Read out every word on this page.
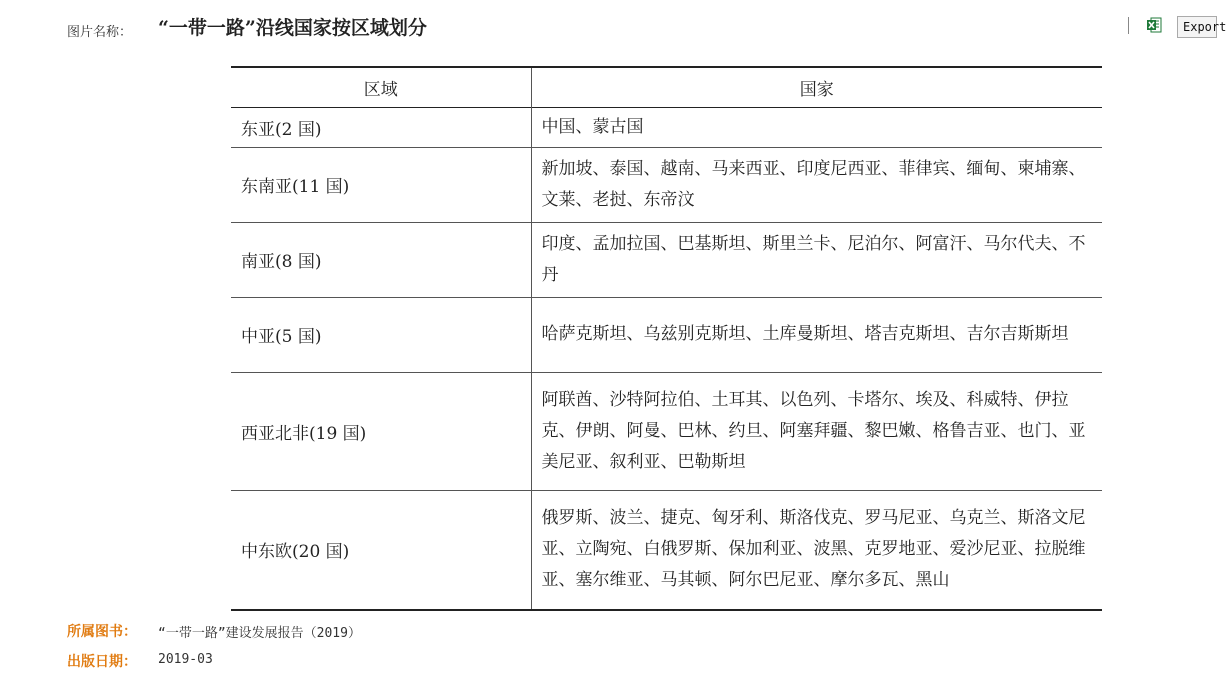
图片名称： “一带一路”沿线国家按区域划分	Export
区域	国家
东亚(2 国)	中国、蒙古国
东南亚(11 国)	新加坡、泰国、越南、马来西亚、印度尼西亚、菲律宾、缅甸、柬埔寨、文莱、老挝、东帝汶
南亚(8 国)	印度、孟加拉国、巴基斯坦、斯里兰卡、尼泊尔、阿富汗、马尔代夫、不丹
中亚(5 国)	哈萨克斯坦、乌兹别克斯坦、土库曼斯坦、塔吉克斯坦、吉尔吉斯斯坦
西亚北非(19 国)	阿联酋、沙特阿拉伯、土耳其、以色列、卡塔尔、埃及、科威特、伊拉克、伊朗、阿曼、巴林、约旦、阿塞拜疆、黎巴嫩、格鲁吉亚、也门、亚美尼亚、叙利亚、巴勒斯坦
中东欧(20 国)	俄罗斯、波兰、捷克、匈牙利、斯洛伐克、罗马尼亚、乌克兰、斯洛文尼亚、立陶宛、白俄罗斯、保加利亚、波黑、克罗地亚、爱沙尼亚、拉脱维亚、塞尔维亚、马其顿、阿尔巴尼亚、摩尔多瓦、黑山
所属图书： “一带一路”建设发展报告（2019）
出版日期： 2019-03
